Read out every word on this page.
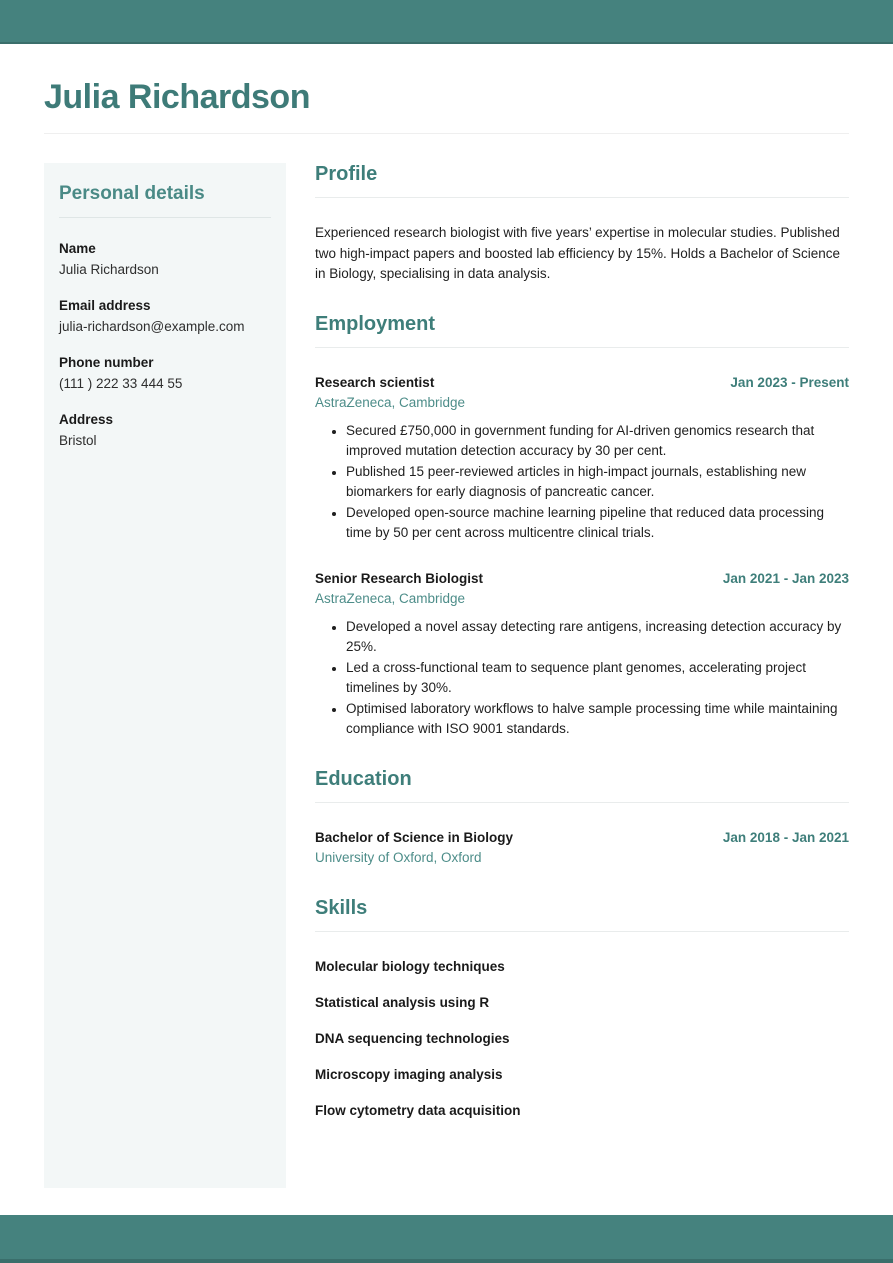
Julia Richardson
Personal details
Name
Julia Richardson
Email address
julia-richardson@example.com
Phone number
(111 ) 222 33 444 55
Address
Bristol
Profile

Experienced research biologist with five years’ expertise in molecular studies. Published two high-impact papers and boosted lab efficiency by 15%. Holds a Bachelor of Science in Biology, specialising in data analysis.

Employment
Research scientist	Jan 2023 - Present
AstraZeneca, Cambridge
• Secured £750,000 in government funding for AI-driven genomics research that improved mutation detection accuracy by 30 per cent.
• Published 15 peer-reviewed articles in high-impact journals, establishing new biomarkers for early diagnosis of pancreatic cancer.
• Developed open-source machine learning pipeline that reduced data processing time by 50 per cent across multicentre clinical trials.
Senior Research Biologist	Jan 2021 - Jan 2023
AstraZeneca, Cambridge
• Developed a novel assay detecting rare antigens, increasing detection accuracy by 25%.
• Led a cross-functional team to sequence plant genomes, accelerating project timelines by 30%.
• Optimised laboratory workflows to halve sample processing time while maintaining compliance with ISO 9001 standards.
Education
Bachelor of Science in Biology	Jan 2018 - Jan 2021
University of Oxford, Oxford
Skills
Molecular biology techniques
Statistical analysis using R
DNA sequencing technologies
Microscopy imaging analysis
Flow cytometry data acquisition
